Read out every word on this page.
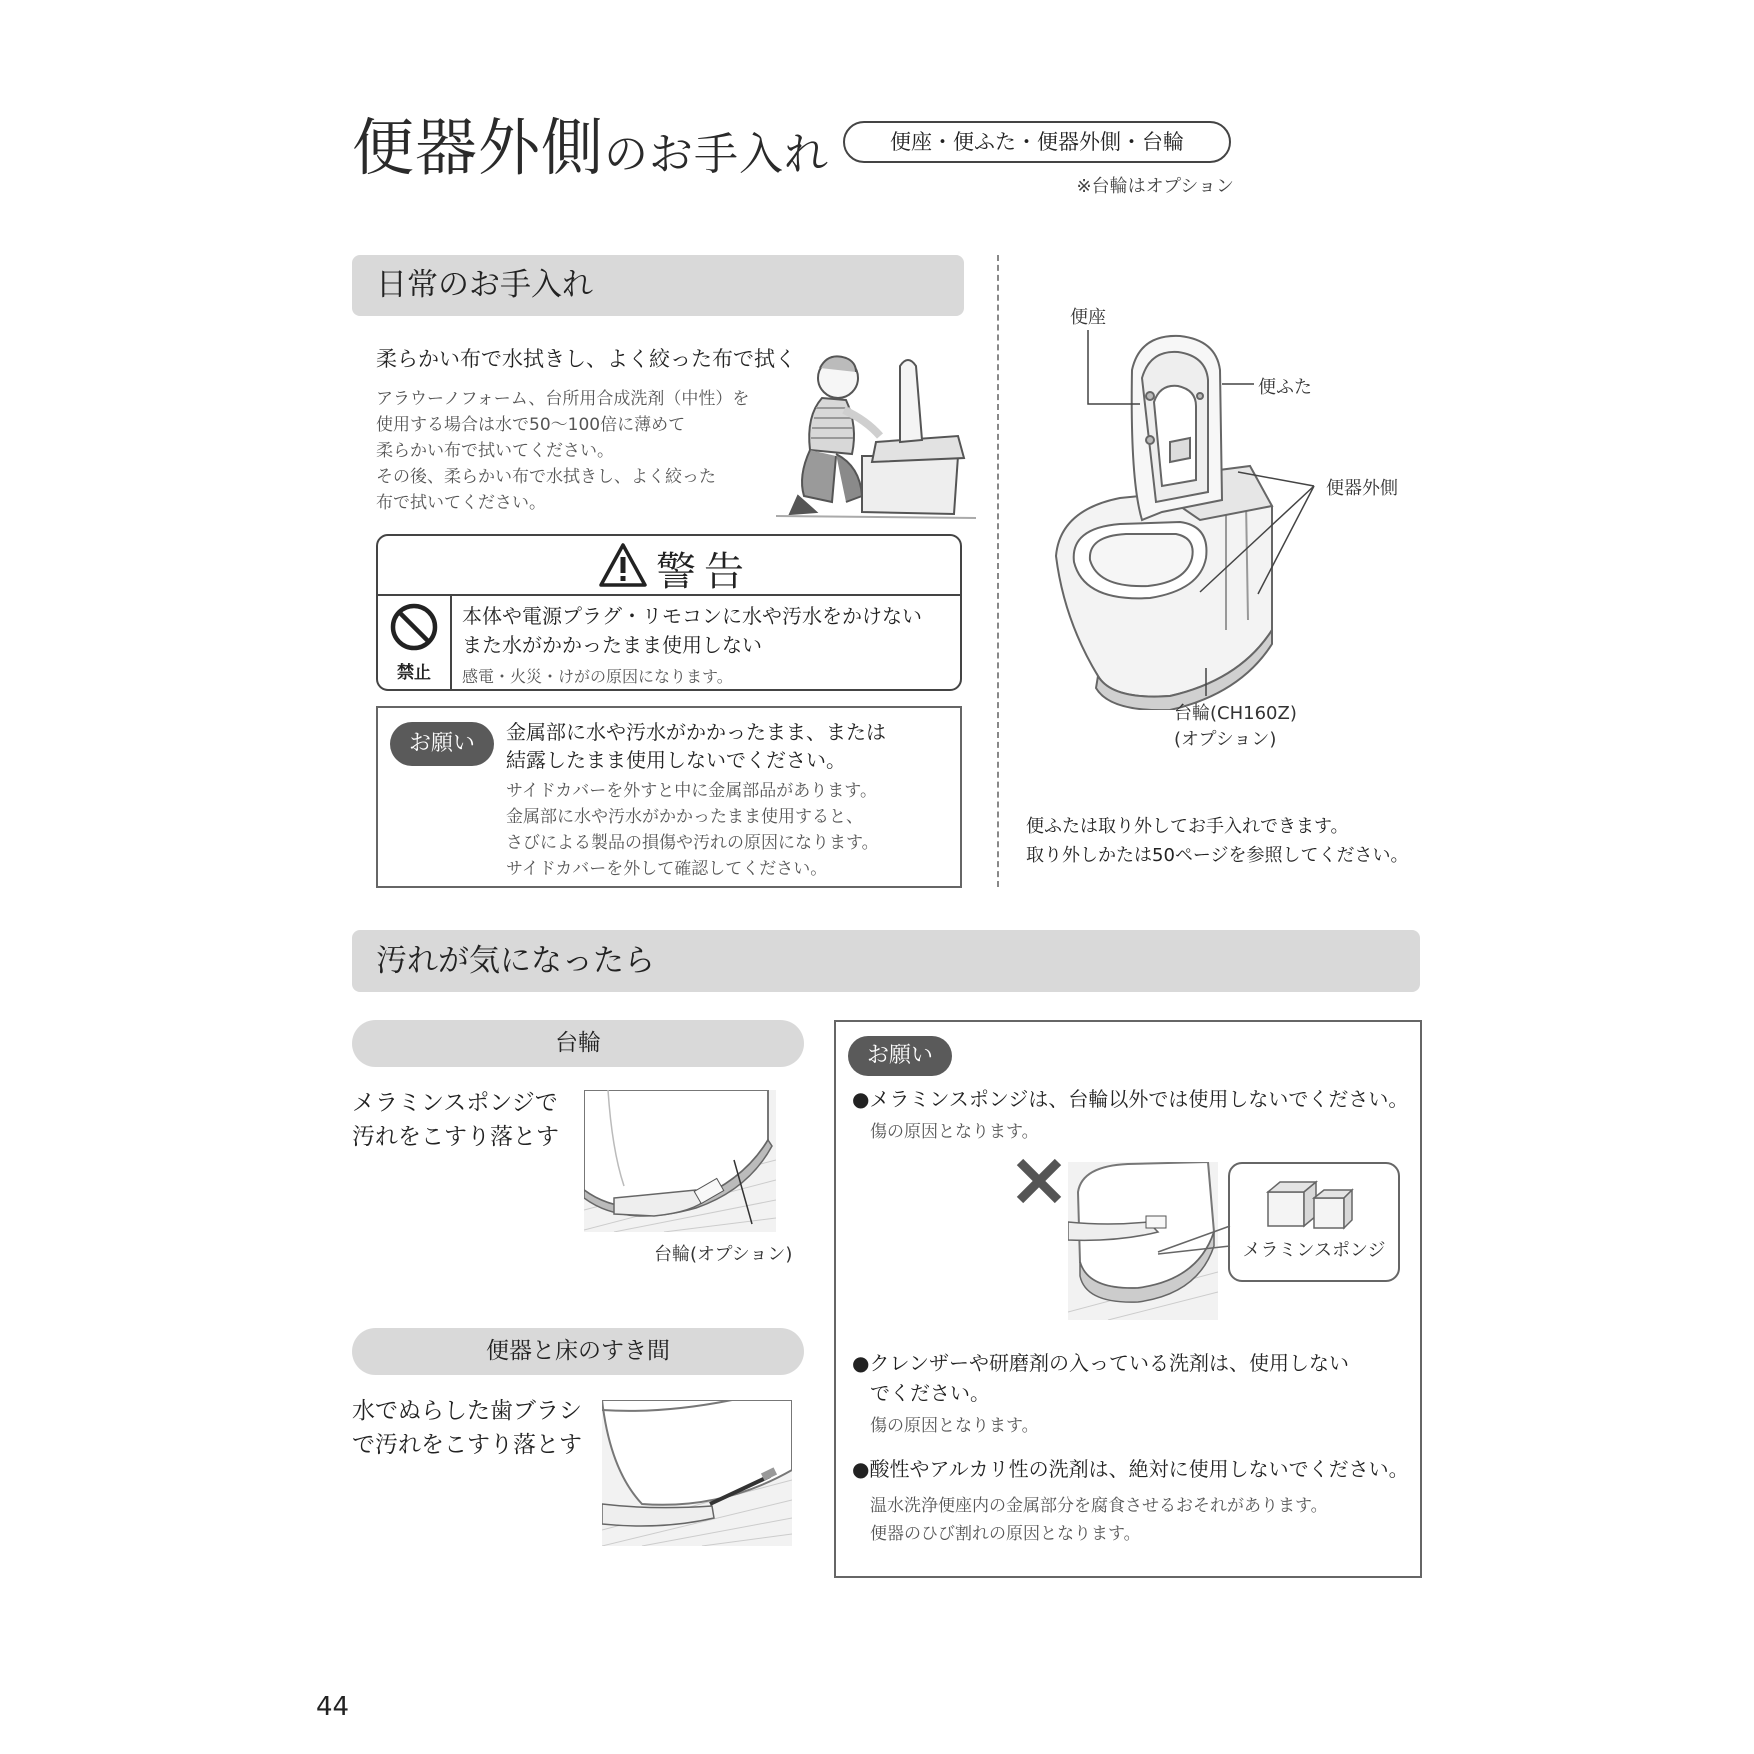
便器外側のお手入れ	便座・便ふた・便器外側・台輪
※台輪はオプション
日常のお手入れ
柔らかい布で水拭きし、よく絞った布で拭く
アラウーノフォーム、台所用合成洗剤（中性）を
使用する場合は水で50〜100倍に薄めて
柔らかい布で拭いてください。
その後、柔らかい布で水拭きし、よく絞った
布で拭いてください。
警告
禁止
本体や電源プラグ・リモコンに水や汚水をかけない
また水がかかったまま使用しない
感電・火災・けがの原因になります。
お願い	金属部に水や汚水がかかったまま、または
結露したまま使用しないでください。
サイドカバーを外すと中に金属部品があります。
金属部に水や汚水がかかったまま使用すると、
さびによる製品の損傷や汚れの原因になります。
サイドカバーを外して確認してください。
便座
便ふた
便器外側
台輪(CH160Z)
(オプション)
便ふたは取り外してお手入れできます。
取り外しかたは50ページを参照してください。
汚れが気になったら
台輪
メラミンスポンジで
汚れをこすり落とす
台輪(オプション)
便器と床のすき間
水でぬらした歯ブラシ
で汚れをこすり落とす
お願い
●メラミンスポンジは、台輪以外では使用しないでください。
傷の原因となります。
メラミンスポンジ
●クレンザーや研磨剤の入っている洗剤は、使用しない
でください。
傷の原因となります。
●酸性やアルカリ性の洗剤は、絶対に使用しないでください。
温水洗浄便座内の金属部分を腐食させるおそれがあります。
便器のひび割れの原因となります。
44
